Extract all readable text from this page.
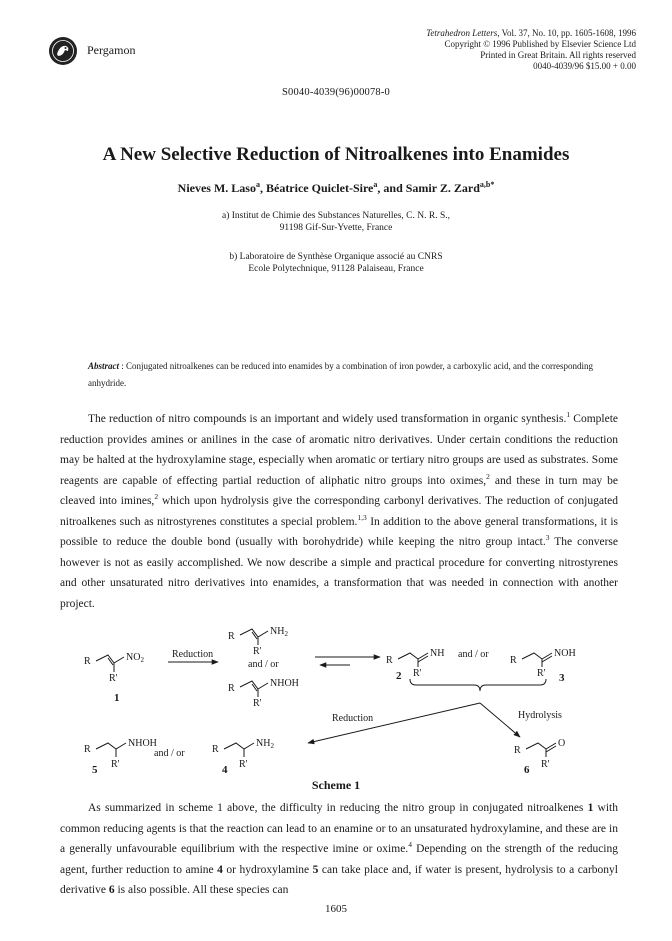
Pergamon
Tetrahedron Letters, Vol. 37, No. 10, pp. 1605-1608, 1996
Copyright © 1996 Published by Elsevier Science Ltd
Printed in Great Britain. All rights reserved
0040-4039/96 $15.00 + 0.00
S0040-4039(96)00078-0
A New Selective Reduction of Nitroalkenes into Enamides
Nieves M. Laso$^a$, Béatrice Quiclet-Sire$^a$, and Samir Z. Zard$^{a,b*}$
a) Institut de Chimie des Substances Naturelles, C. N. R. S.,
91198 Gif-Sur-Yvette, France
b) Laboratoire de Synthèse Organique associé au CNRS
Ecole Polytechnique, 91128 Palaiseau, France
Abstract : Conjugated nitroalkenes can be reduced into enamides by a combination of iron powder, a carboxylic acid, and the corresponding anhydride.
The reduction of nitro compounds is an important and widely used transformation in organic synthesis.$^1$ Complete reduction provides amines or anilines in the case of aromatic nitro derivatives. Under certain conditions the reduction may be halted at the hydroxylamine stage, especially when aromatic or tertiary nitro groups are used as substrates. Some reagents are capable of effecting partial reduction of aliphatic nitro groups into oximes,$^2$ and these in turn may be cleaved into imines,$^2$ which upon hydrolysis give the corresponding carbonyl derivatives. The reduction of conjugated nitroalkenes such as nitrostyrenes constitutes a special problem.$^{1,3}$ In addition to the above general transformations, it is possible to reduce the double bond (usually with borohydride) while keeping the nitro group intact.$^3$ The converse however is not as easily accomplished. We now describe a simple and practical procedure for converting nitrostyrenes and other unsaturated nitro derivatives into enamides, a transformation that was needed in connection with another project.
R	$NO_2$
R'
1
Reduction
R	$NH_2$
R'
and / or
R	NHOH
R'
R
NH
R'
2
and / or
R
NOH
R' 3
Reduction	Hydrolysis
R
NHOH
R'
5
and / or	R
$NH_2$
R'
4
R
O
R'
6
Scheme 1
As summarized in scheme 1 above, the difficulty in reducing the nitro group in conjugated nitroalkenes 1 with common reducing agents is that the reaction can lead to an enamine or to an unsaturated hydroxylamine, and these are in a generally unfavourable equilibrium with the respective imine or oxime.$^4$ Depending on the strength of the reducing agent, further reduction to amine 4 or hydroxylamine 5 can take place and, if water is present, hydrolysis to a carbonyl derivative 6 is also possible. All these species can
1605
